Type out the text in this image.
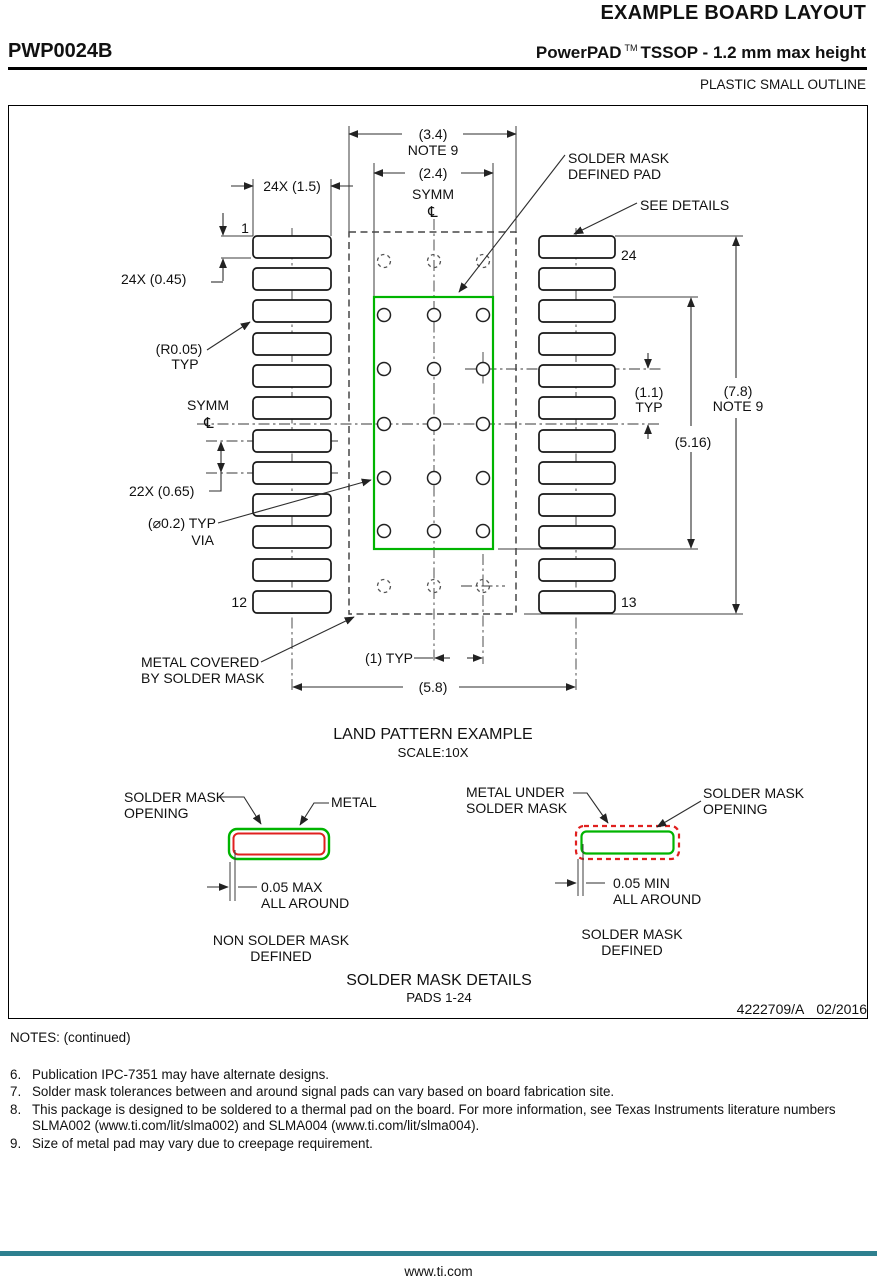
EXAMPLE BOARD LAYOUT
PWP0024B	PowerPAD ™ TSSOP - 1.2 mm max height
PLASTIC SMALL OUTLINE
(3.4)
NOTE 9
(2.4)
SYMM
℄
24X (1.5)
1
24X (0.45)
(R0.05)
TYP
SYMM
℄
22X (0.65)
(⌀0.2) TYP
VIA
12
METAL COVERED
BY SOLDER MASK
(1) TYP
(5.8)
24
13
SOLDER MASK
DEFINED PAD
SEE DETAILS
(1.1)
TYP
(7.8)
NOTE 9
(5.16)
LAND PATTERN EXAMPLE
SCALE:10X
SOLDER MASK
OPENING
METAL
0.05 MAX
ALL AROUND
NON SOLDER MASK
DEFINED
METAL UNDER
SOLDER MASK
SOLDER MASK
OPENING
0.05 MIN
ALL AROUND
SOLDER MASK
DEFINED
SOLDER MASK DETAILS
PADS 1-24
4222709/A 02/2016
NOTES: (continued)
6. Publication IPC-7351 may have alternate designs.
7. Solder mask tolerances between and around signal pads can vary based on board fabrication site.
8. This package is designed to be soldered to a thermal pad on the board. For more information, see Texas Instruments literature numbers SLMA002 (www.ti.com/lit/slma002) and SLMA004 (www.ti.com/lit/slma004).
9. Size of metal pad may vary due to creepage requirement.
www.ti.com
